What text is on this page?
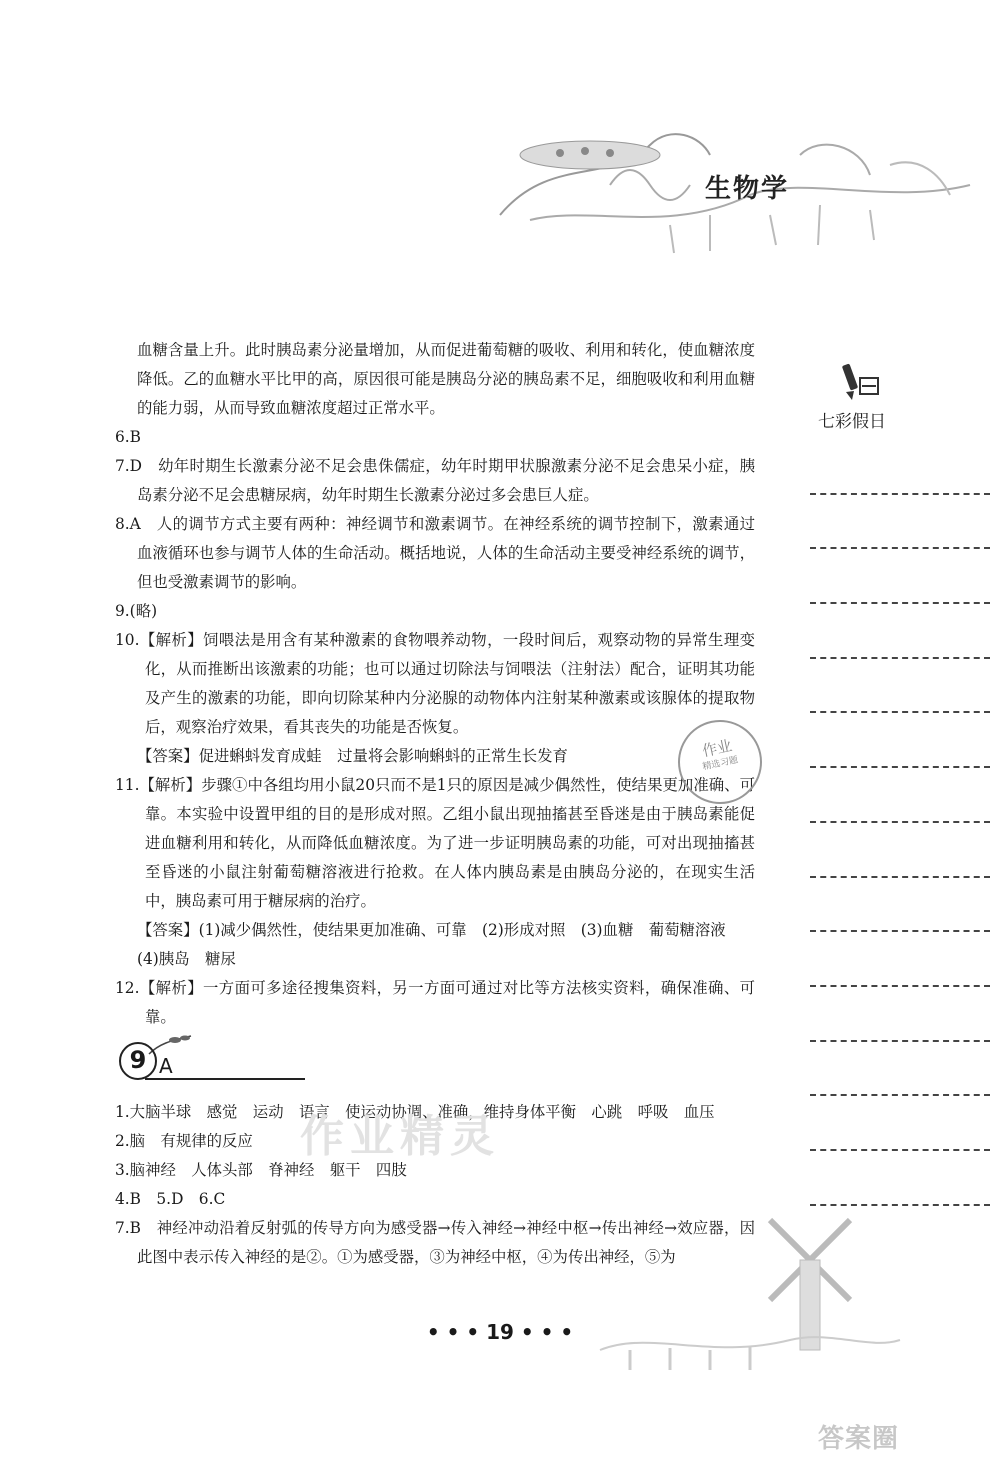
生物学
七彩假日

血糖含量上升。此时胰岛素分泌量增加，从而促进葡萄糖的吸收、利用和转化，使血糖浓度降低。乙的血糖水平比甲的高，原因很可能是胰岛分泌的胰岛素不足，细胞吸收和利用血糖的能力弱，从而导致血糖浓度超过正常水平。

6.B

7.D　幼年时期生长激素分泌不足会患侏儒症，幼年时期甲状腺激素分泌不足会患呆小症，胰岛素分泌不足会患糖尿病，幼年时期生长激素分泌过多会患巨人症。

8.A　人的调节方式主要有两种：神经调节和激素调节。在神经系统的调节控制下，激素通过血液循环也参与调节人体的生命活动。概括地说，人体的生命活动主要受神经系统的调节，但也受激素调节的影响。

9.(略)

10.【解析】饲喂法是用含有某种激素的食物喂养动物，一段时间后，观察动物的异常生理变化，从而推断出该激素的功能；也可以通过切除法与饲喂法（注射法）配合，证明其功能及产生的激素的功能，即向切除某种内分泌腺的动物体内注射某种激素或该腺体的提取物后，观察治疗效果，看其丧失的功能是否恢复。

【答案】促进蝌蚪发育成蛙　过量将会影响蝌蚪的正常生长发育

11.【解析】步骤①中各组均用小鼠20只而不是1只的原因是减少偶然性，使结果更加准确、可靠。本实验中设置甲组的目的是形成对照。乙组小鼠出现抽搐甚至昏迷是由于胰岛素能促进血糖利用和转化，从而降低血糖浓度。为了进一步证明胰岛素的功能，可对出现抽搐甚至昏迷的小鼠注射葡萄糖溶液进行抢救。在人体内胰岛素是由胰岛分泌的，在现实生活中，胰岛素可用于糖尿病的治疗。

【答案】(1)减少偶然性，使结果更加准确、可靠　(2)形成对照　(3)血糖　葡萄糖溶液

(4)胰岛　糖尿

12.【解析】一方面可多途径搜集资料，另一方面可通过对比等方法核实资料，确保准确、可靠。

9 A

1.大脑半球　感觉　运动　语言　使运动协调、准确，维持身体平衡　心跳　呼吸　血压

2.脑　有规律的反应

3.脑神经　人体头部　脊神经　躯干　四肢

4.B　5.D　6.C

7.B　神经冲动沿着反射弧的传导方向为感受器→传入神经→神经中枢→传出神经→效应器，因此图中表示传入神经的是②。①为感受器，③为神经中枢，④为传出神经，⑤为

作业
精选习题
作业精灵
• • • 19 • • •
答案圈
